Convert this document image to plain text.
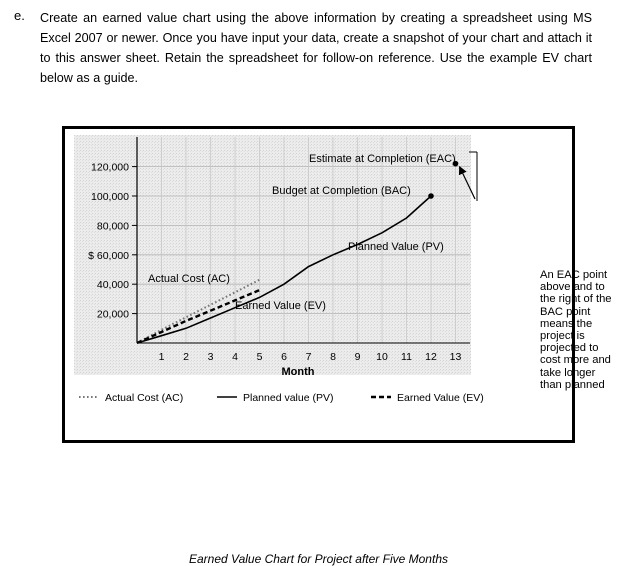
e. Create an earned value chart using the above information by creating a spreadsheet using MS Excel 2007 or newer. Once you have input your data, create a snapshot of your chart and attach it to this answer sheet. Retain the spreadsheet for follow-on reference. Use the example EV chart below as a guide.
20,000
40,000
$ 60,000
80,000
100,000
120,000
1 2 3 4 5 6 7 8 9 10 11 12 13
Month
Estimate at Completion (EAC)
Budget at Completion (BAC)
Planned Value (PV)
Actual Cost (AC)
Earned Value (EV)
Actual Cost (AC)	Planned value (PV)	Earned Value (EV)
An EAC point above and to the right of the BAC point means the project is projected to cost more and take longer than planned
Earned Value Chart for Project after Five Months
